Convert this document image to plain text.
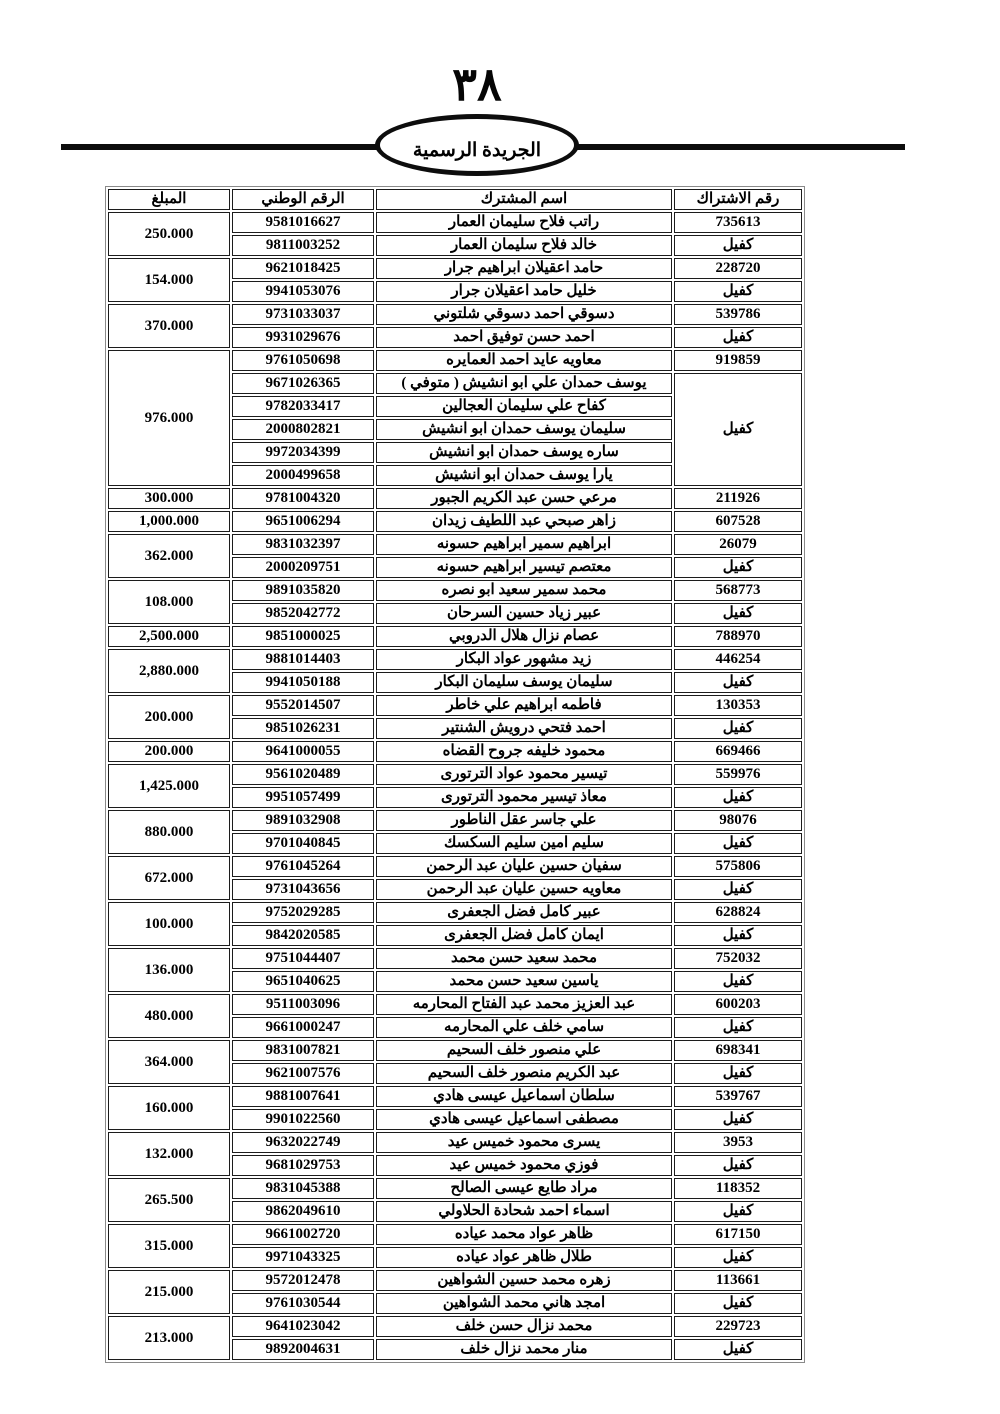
٣٨
الجريدة الرسمية
رقم الاشتراك	اسم المشترك	الرقم الوطني	المبلغ
735613	راتب فلاح سليمان العمار	9581016627	250.000
كفيل	خالد فلاح سليمان العمار	9811003252	
228720	حامد اعقيلان ابراهيم جرار	9621018425	154.000
كفيل	خليل حامد اعقيلان جرار	9941053076	
539786	دسوقي احمد دسوقي شلتوني	9731033037	370.000
كفيل	احمد حسن توفيق احمد	9931029676	
919859	معاويه عايد احمد العمايره	9761050698	976.000
كفيل	يوسف حمدان علي ابو انشيش ( متوفي )	9671026365	
	كفاح علي سليمان العجالين	9782033417	
	سليمان يوسف حمدان ابو انشيش	2000802821	
	ساره يوسف حمدان ابو انشيش	9972034399	
	يارا يوسف حمدان ابو انشيش	2000499658	
211926	مرعي حسن عبد الكريم الجبور	9781004320	300.000
607528	زاهر صبحي عبد اللطيف زيدان	9651006294	1,000.000
26079	ابراهيم سمير ابراهيم حسونه	9831032397	362.000
كفيل	معتصم تيسير ابراهيم حسونه	2000209751	
568773	محمد سمير سعيد ابو نصره	9891035820	108.000
كفيل	عبير زياد حسين السرحان	9852042772	
788970	عصام نزال هلال الدروبي	9851000025	2,500.000
446254	زيد مشهور عواد البكار	9881014403	2,880.000
كفيل	سليمان يوسف سليمان البكار	9941050188	
130353	فاطمه ابراهيم علي خاطر	9552014507	200.000
كفيل	احمد فتحي درويش الشنتير	9851026231	
669466	محمود خليفه جروح القضاه	9641000055	200.000
559976	تيسير محمود عواد الترتورى	9561020489	1,425.000
كفيل	معاذ تيسير محمود الترتورى	9951057499	
98076	علي جاسر عقل الناطور	9891032908	880.000
كفيل	سليم امين سليم السكسك	9701040845	
575806	سفيان حسين عليان عبد الرحمن	9761045264	672.000
كفيل	معاويه حسين عليان عبد الرحمن	9731043656	
628824	عبير كامل فضل الجعفرى	9752029285	100.000
كفيل	ايمان كامل فضل الجعفرى	9842020585	
752032	محمد سعيد حسن محمد	9751044407	136.000
كفيل	ياسين سعيد حسن محمد	9651040625	
600203	عبد العزيز محمد عبد الفتاح المحارمه	9511003096	480.000
كفيل	سامي خلف علي المحارمه	9661000247	
698341	علي منصور خلف السحيم	9831007821	364.000
كفيل	عبد الكريم منصور خلف السحيم	9621007576	
539767	سلطان اسماعيل عيسى هادي	9881007641	160.000
كفيل	مصطفى اسماعيل عيسى هادي	9901022560	
3953	يسرى محمود خميس عيد	9632022749	132.000
كفيل	فوزي محمود خميس عيد	9681029753	
118352	مراد طايع عيسى الصالح	9831045388	265.500
كفيل	اسماء احمد شحادة الحلاولي	9862049610	
617150	ظاهر عواد محمد عياده	9661002720	315.000
كفيل	طلال ظاهر عواد عياده	9971043325	
113661	زهره محمد حسين الشواهين	9572012478	215.000
كفيل	امجد هاني محمد الشواهين	9761030544	
229723	محمد نزال حسن خلف	9641023042	213.000
كفيل	منار محمد نزال خلف	9892004631	
